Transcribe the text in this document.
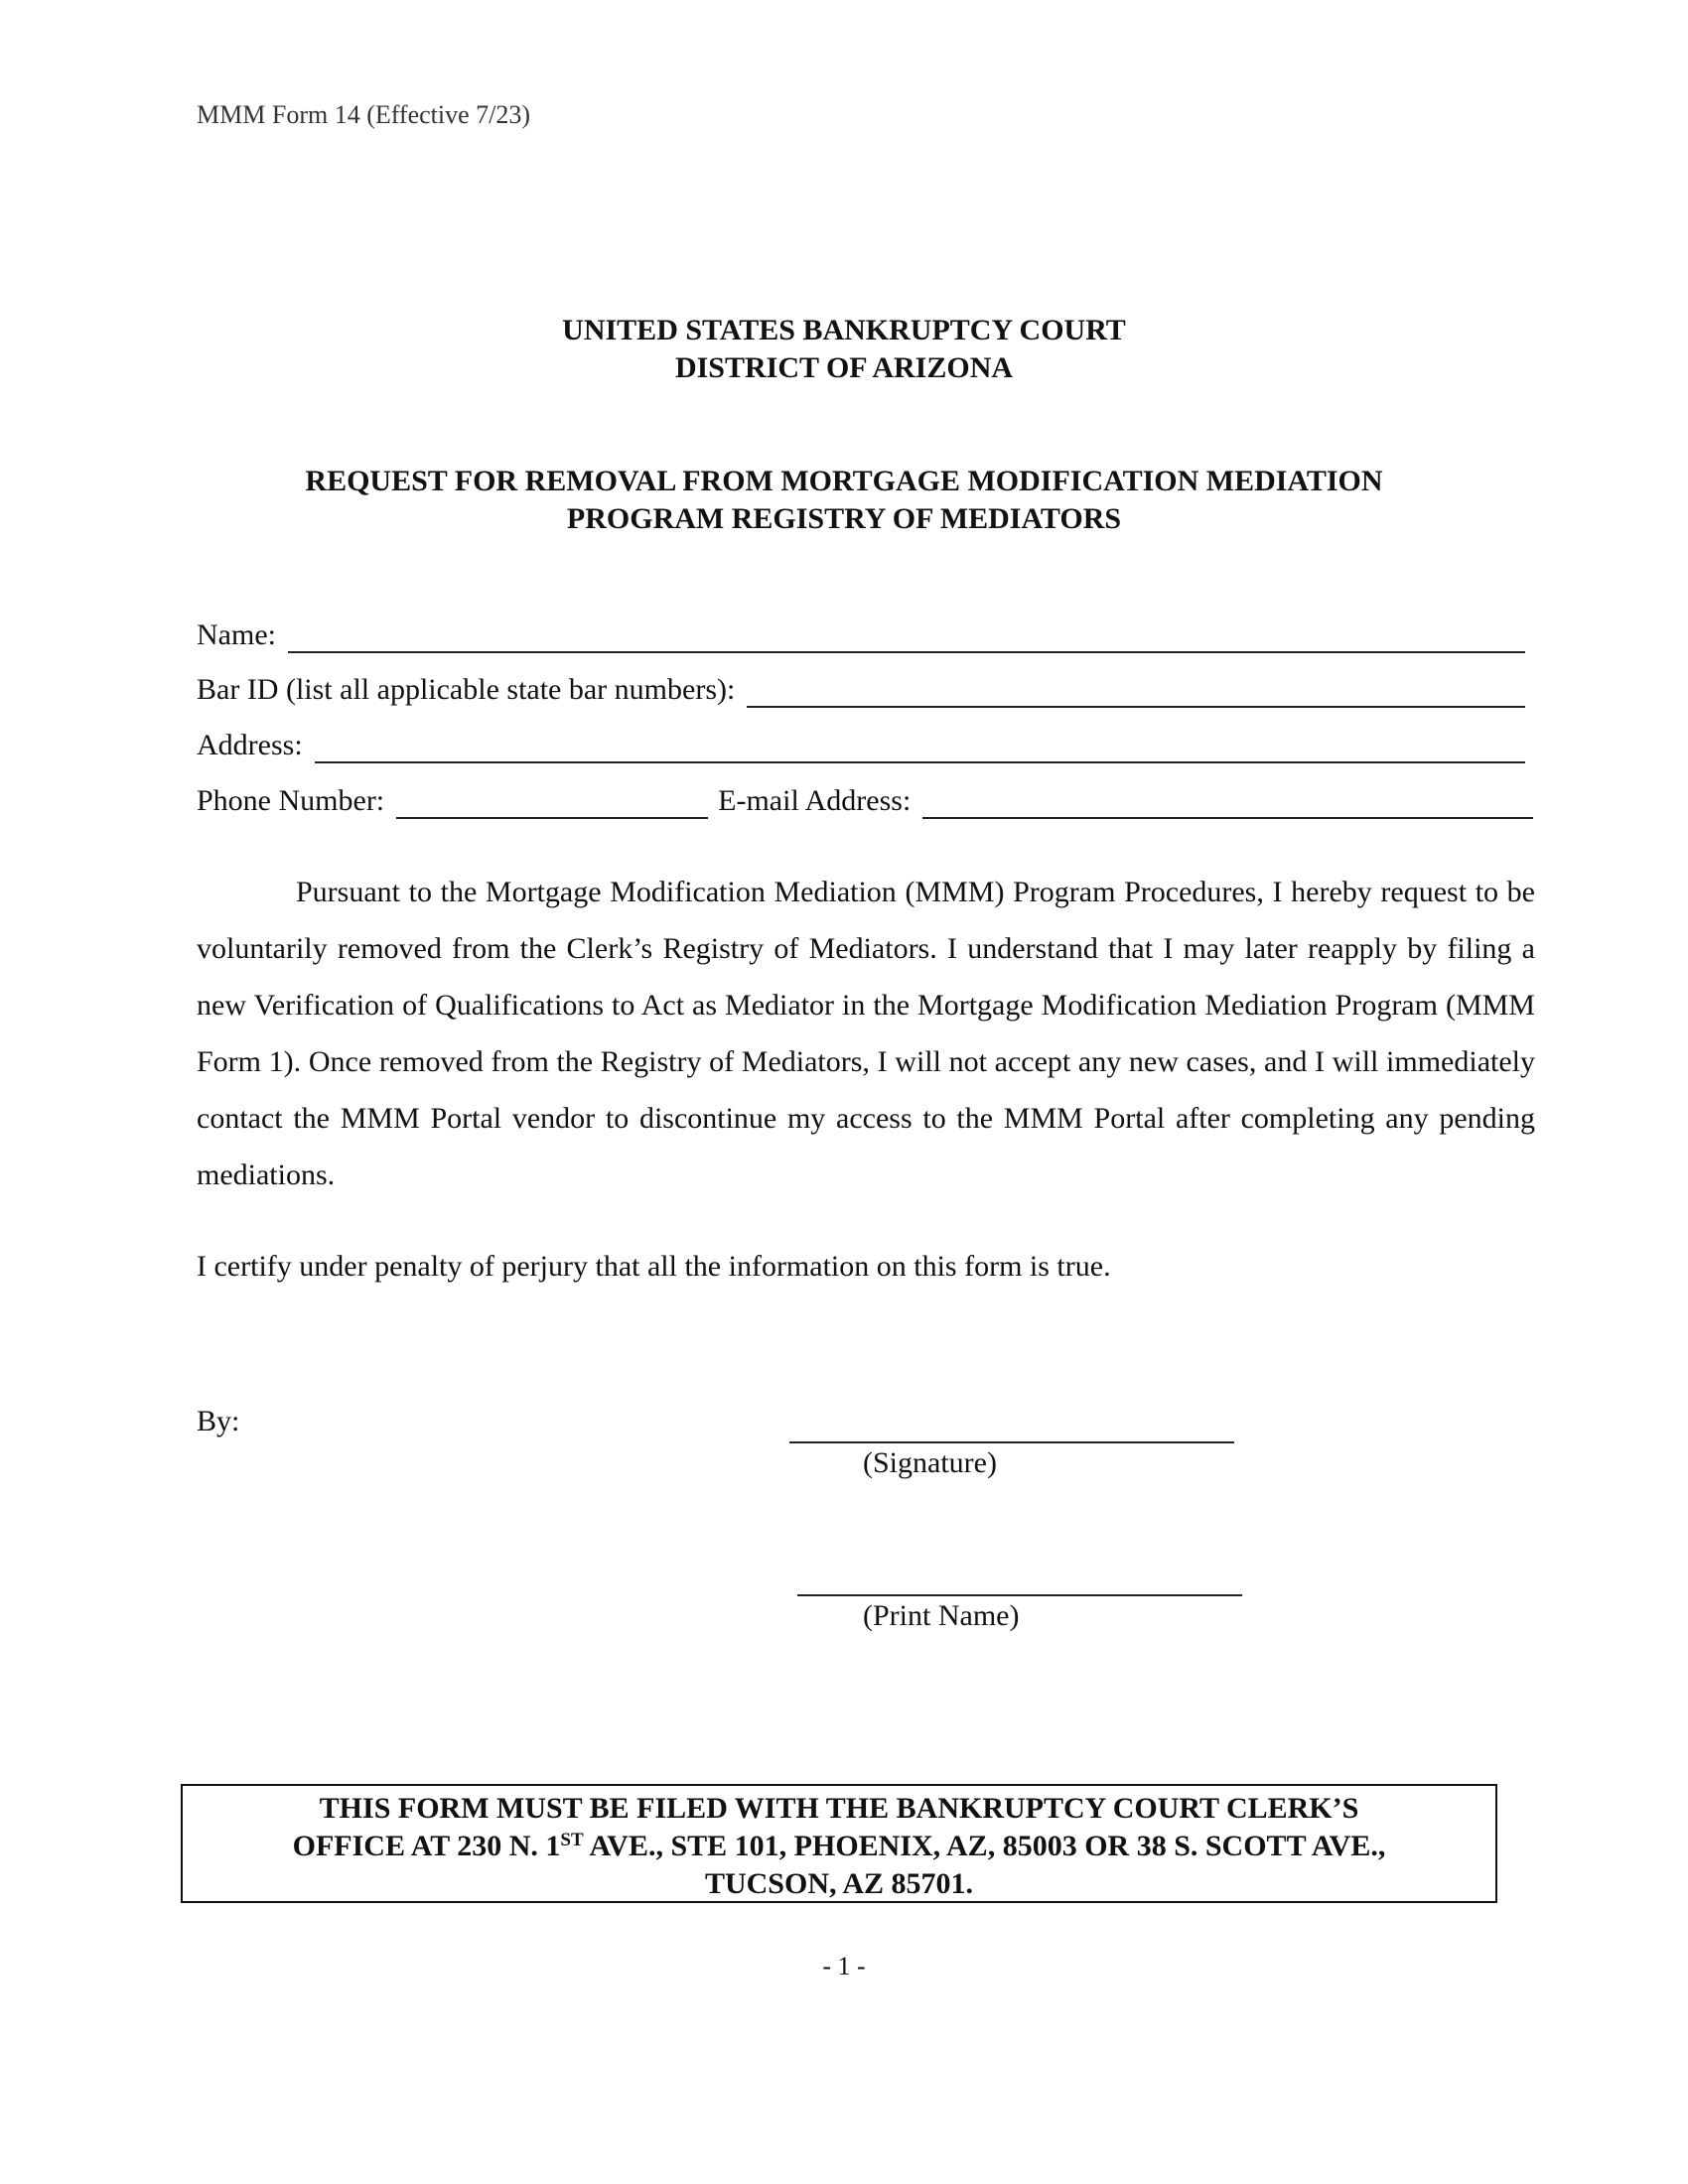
MMM Form 14 (Effective 7/23)
UNITED STATES BANKRUPTCY COURT
DISTRICT OF ARIZONA
REQUEST FOR REMOVAL FROM MORTGAGE MODIFICATION MEDIATION
PROGRAM REGISTRY OF MEDIATORS
Name:
Bar ID (list all applicable state bar numbers):
Address:
Phone Number:	E-mail Address:
Pursuant to the Mortgage Modification Mediation (MMM) Program Procedures, I hereby request to be voluntarily removed from the Clerk’s Registry of Mediators. I understand that I may later reapply by filing a new Verification of Qualifications to Act as Mediator in the Mortgage Modification Mediation Program (MMM Form 1). Once removed from the Registry of Mediators, I will not accept any new cases, and I will immediately contact the MMM Portal vendor to discontinue my access to the MMM Portal after completing any pending mediations.
I certify under penalty of perjury that all the information on this form is true.
By:
(Signature)
(Print Name)
THIS FORM MUST BE FILED WITH THE BANKRUPTCY COURT CLERK’S
OFFICE AT 230 N. 1ST AVE., STE 101, PHOENIX, AZ, 85003 OR 38 S. SCOTT AVE.,
TUCSON, AZ 85701.
- 1 -
